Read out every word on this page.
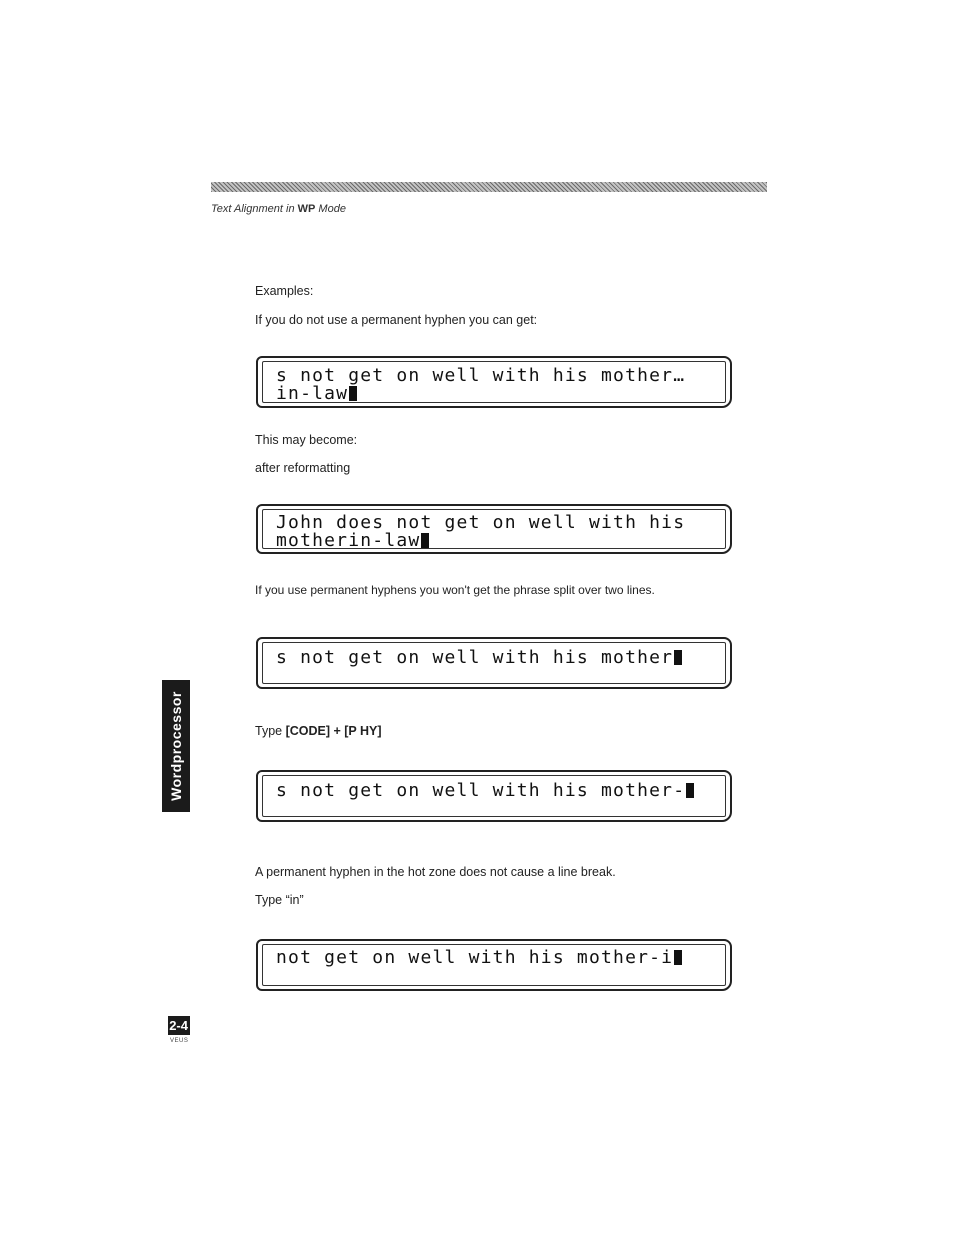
Text Alignment in WP Mode
Examples:
If you do not use a permanent hyphen you can get:
s not get on well with his mother…
in-law
This may become:
after reformatting
John does not get on well with his
motherin-law
If you use permanent hyphens you won't get the phrase split over two lines.
s not get on well with his mother
Type [CODE] + [P HY]
s not get on well with his mother-
A permanent hyphen in the hot zone does not cause a line break.
Type “in”
not get on well with his mother-i
Wordprocessor
2-4
VEUS
